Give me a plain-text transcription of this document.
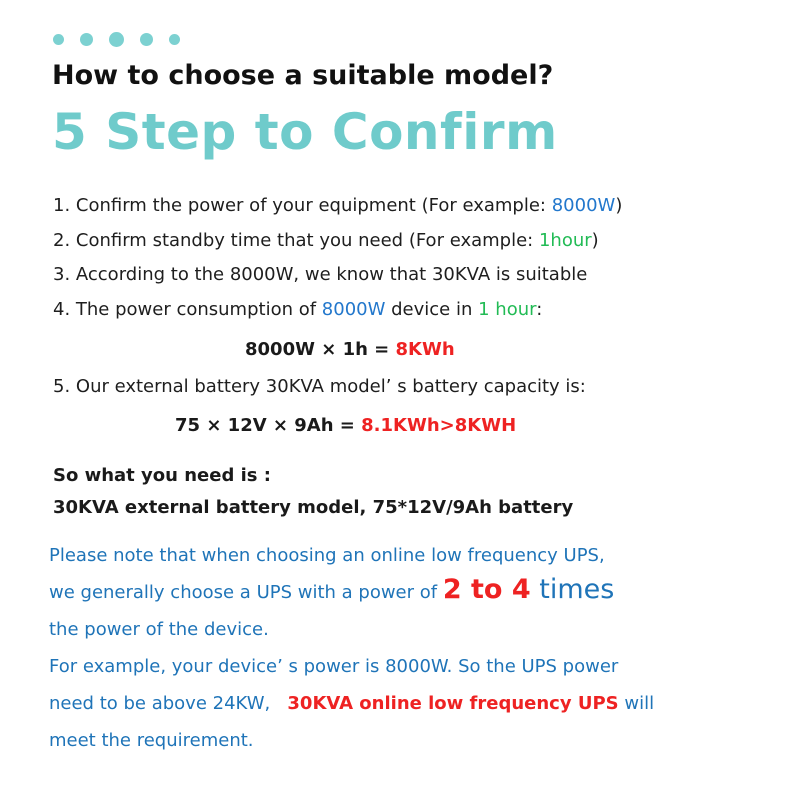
How to choose a suitable model?
5 Step to Confirm
1. Confirm the power of your equipment (For example: 8000W)
2. Confirm standby time that you need (For example: 1hour)
3. According to the 8000W, we know that 30KVA is suitable
4. The power consumption of 8000W device in 1 hour:
8000W × 1h = 8KWh
5. Our external battery 30KVA model’ s battery capacity is:
75 × 12V × 9Ah = 8.1KWh>8KWH
So what you need is :
30KVA external battery model, 75*12V/9Ah battery
Please note that when choosing an online low frequency UPS,
we generally choose a UPS with a power of 2 to 4 times
the power of the device.
For example, your device’ s power is 8000W. So the UPS power
need to be above 24KW,   30KVA online low frequency UPS will
meet the requirement.
